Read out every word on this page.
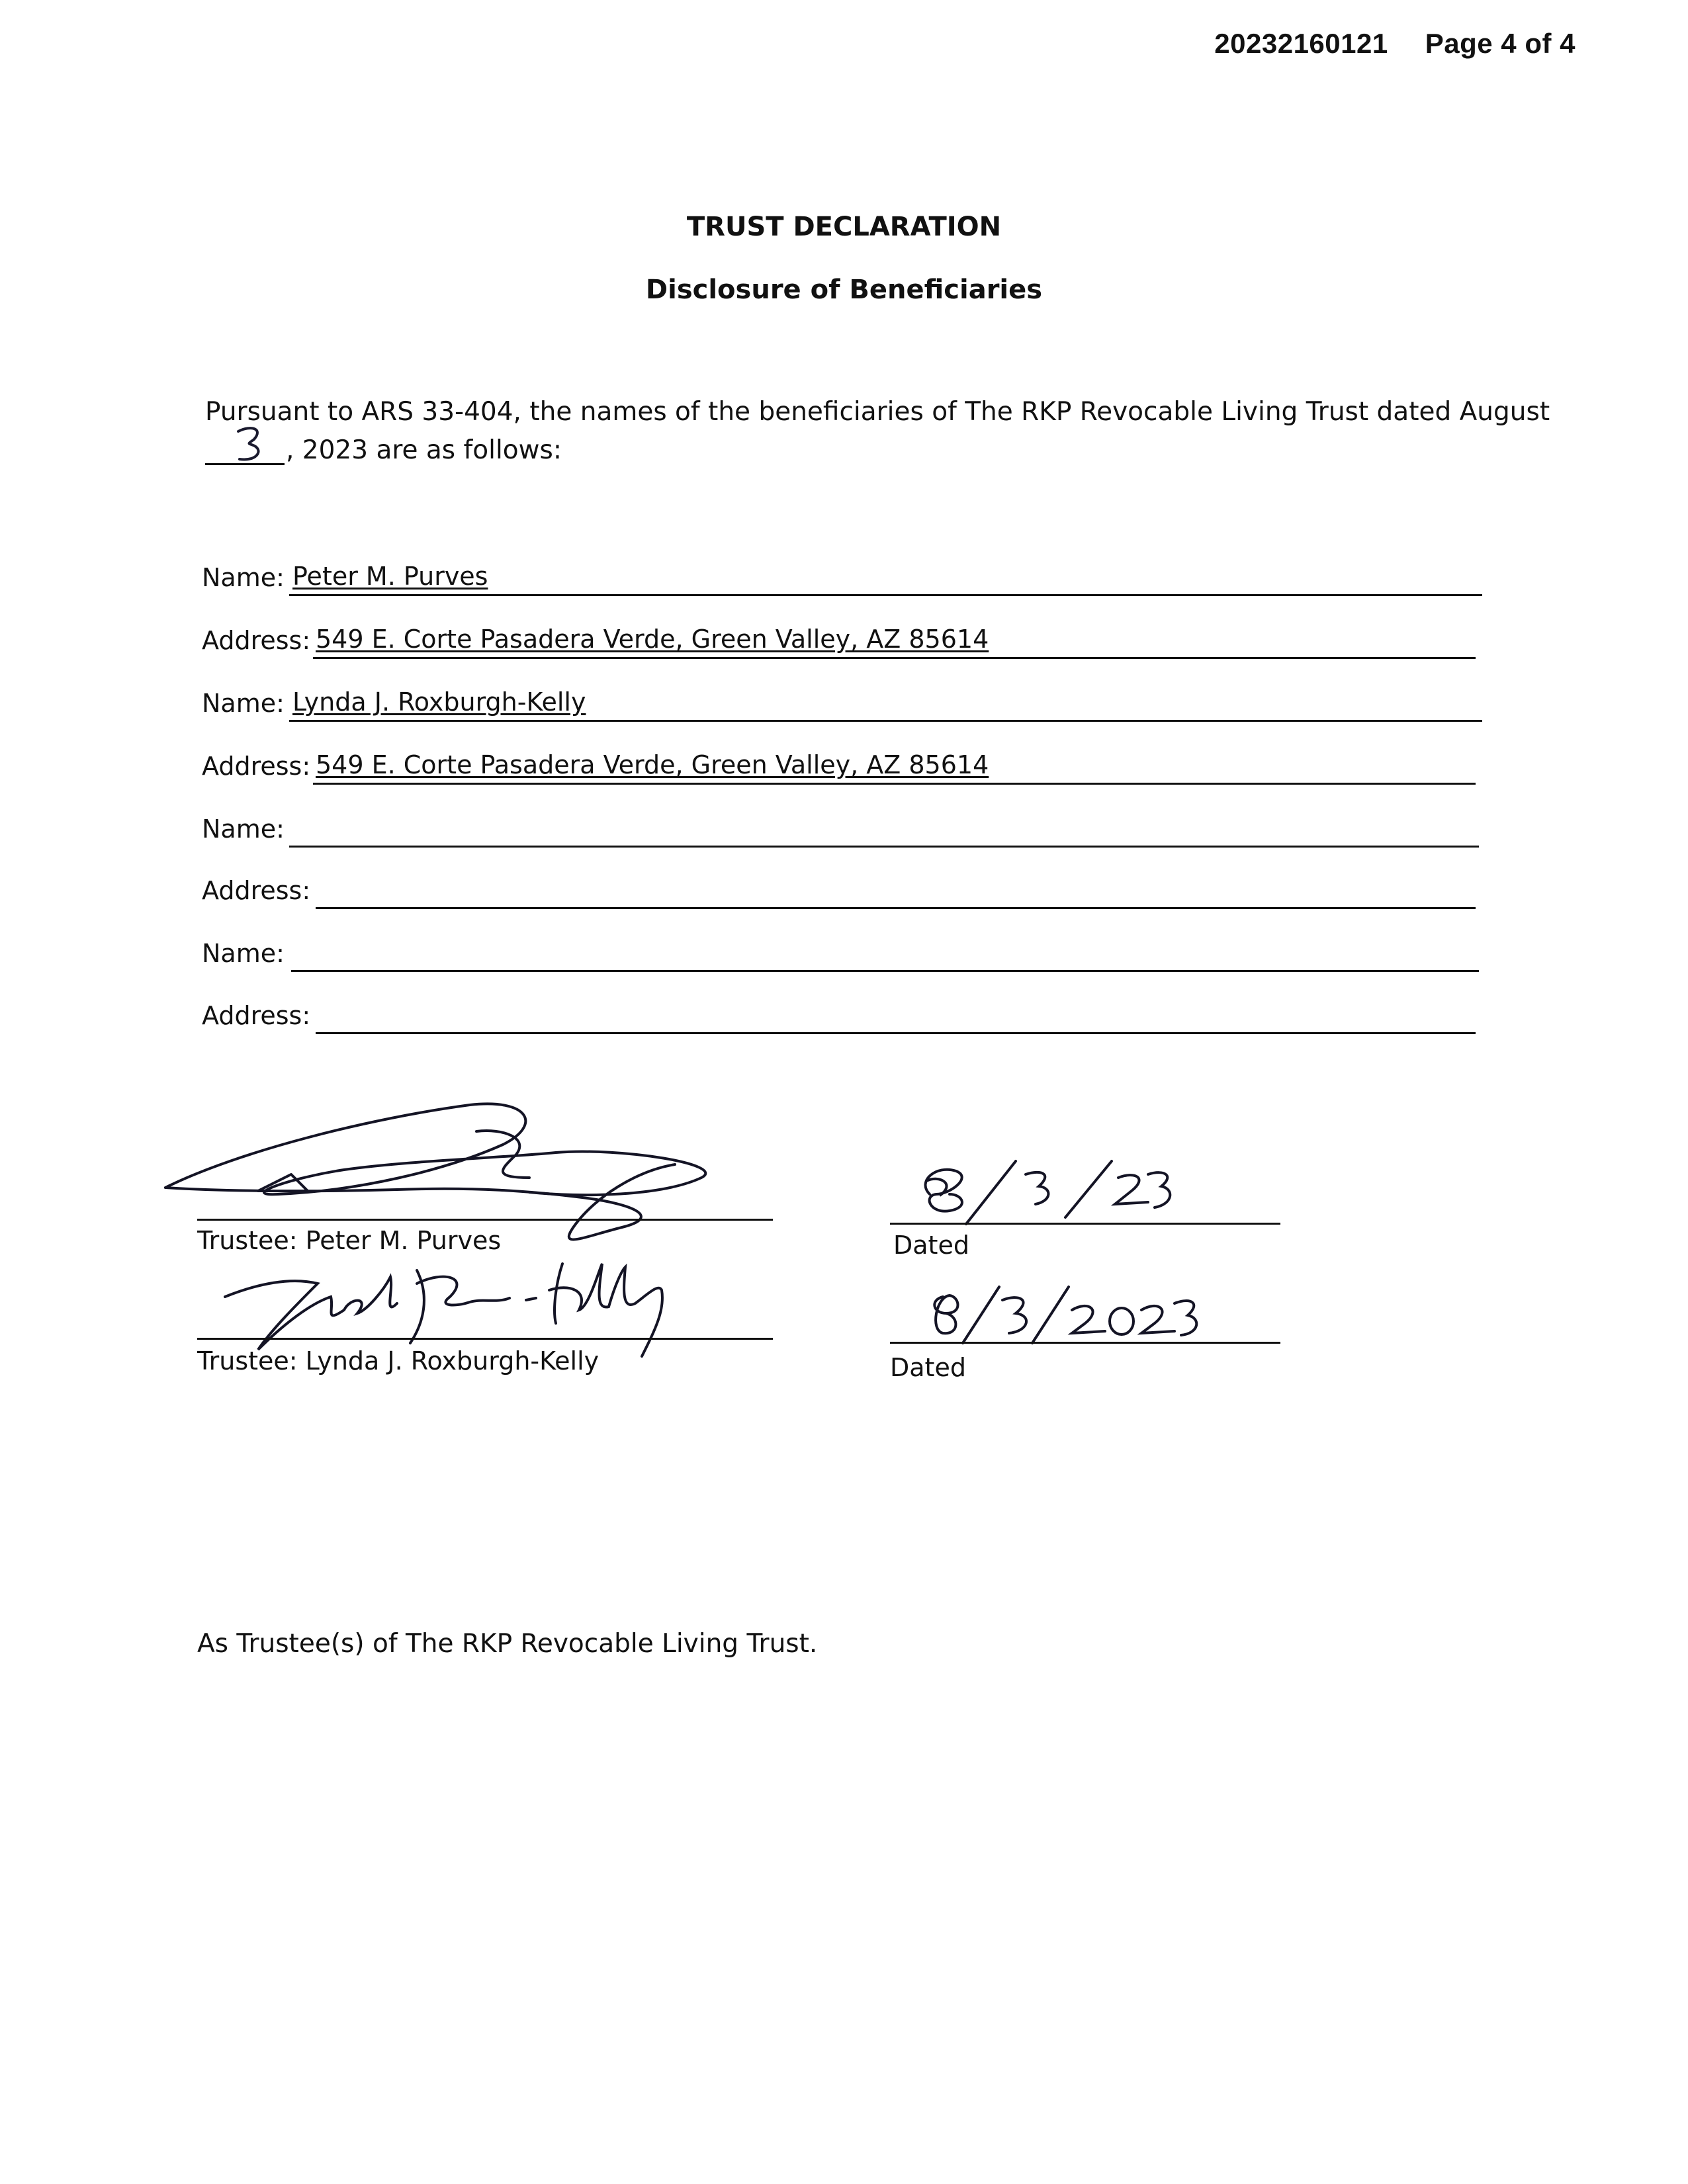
20232160121 Page 4 of 4
TRUST DECLARATION
Disclosure of Beneficiaries
Pursuant to ARS 33-404, the names of the beneficiaries of The RKP Revocable Living Trust dated August
, 2023 are as follows:
Name: Peter M. Purves
Address: 549 E. Corte Pasadera Verde, Green Valley, AZ 85614
Name: Lynda J. Roxburgh-Kelly
Address: 549 E. Corte Pasadera Verde, Green Valley, AZ 85614
Name:
Address:
Name:
Address:
Trustee: Peter M. Purves	Dated
Trustee: Lynda J. Roxburgh-Kelly	Dated
As Trustee(s) of The RKP Revocable Living Trust.
